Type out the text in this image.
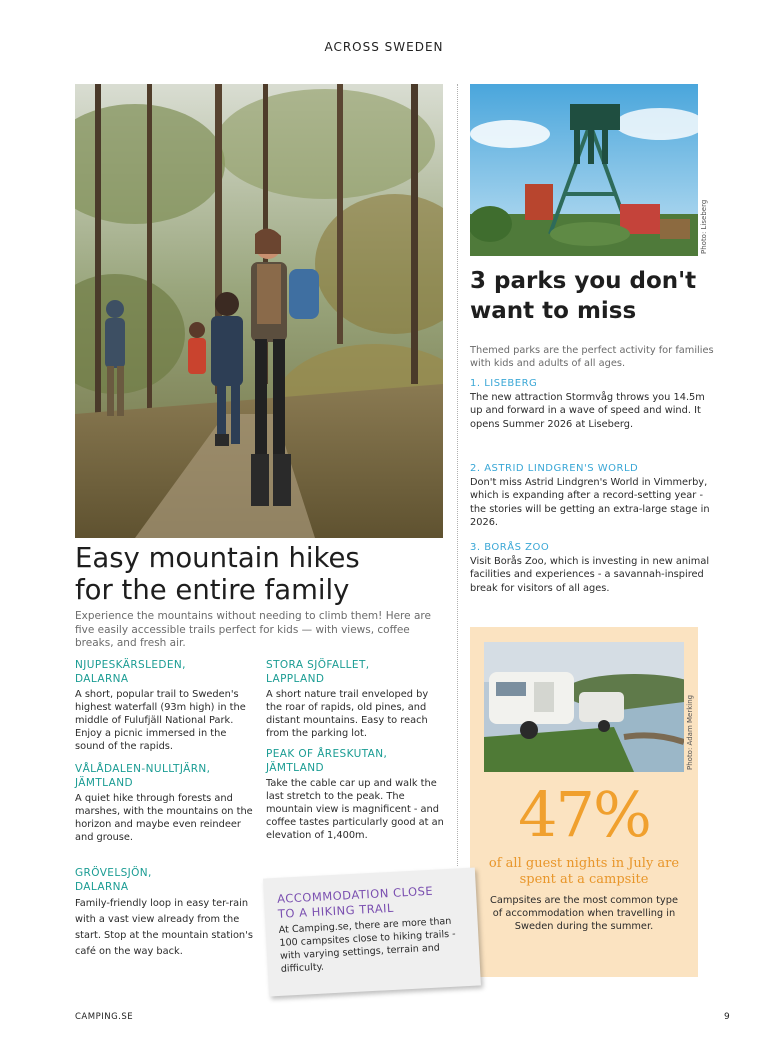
ACROSS SWEDEN
Easy mountain hikes
for the entire family

Experience the mountains without needing to climb them! Here are five easily accessible trails perfect for kids — with views, coffee breaks, and fresh air.

NJUPESKÄRSLEDEN,
DALARNA
A short, popular trail to Sweden's highest waterfall (93m high) in the middle of Fulufjäll National Park. Enjoy a picnic immersed in the sound of the rapids.
VÅLÅDALEN-NULLTJÄRN,
JÄMTLAND
A quiet hike through forests and marshes, with the mountains on the horizon and maybe even reindeer and grouse.
GRÖVELSJÖN,
DALARNA
Family-friendly loop in easy ter-rain with a vast view already from the start. Stop at the mountain station's café on the way back.
STORA SJÖFALLET,
LAPPLAND
A short nature trail enveloped by the roar of rapids, old pines, and distant mountains. Easy to reach from the parking lot.
PEAK OF ÅRESKUTAN,
JÄMTLAND
Take the cable car up and walk the last stretch to the peak. The mountain view is magnificent - and coffee tastes particularly good at an elevation of 1,400m.
Photo: Liseberg
3 parks you don't
want to miss

Themed parks are the perfect activity for families with kids and adults of all ages.

1. LISEBERG
The new attraction Stormvåg throws you 14.5m up and forward in a wave of speed and wind. It opens Summer 2026 at Liseberg.
2. ASTRID LINDGREN'S WORLD
Don't miss Astrid Lindgren's World in Vimmerby, which is expanding after a record-setting year - the stories will be getting an extra-large stage in 2026.
3. BORÅS ZOO
Visit Borås Zoo, which is investing in new animal facilities and experiences - a savannah-inspired break for visitors of all ages.
Photo: Adam Merking
47%
of all guest nights in July are
spent at a campsite
Campsites are the most common type of accommodation when travelling in Sweden during the summer.
ACCOMMODATION CLOSE
TO A HIKING TRAIL
At Camping.se, there are more than 100 campsites close to hiking trails - with varying settings, terrain and difficulty.
CAMPING.SE	9
